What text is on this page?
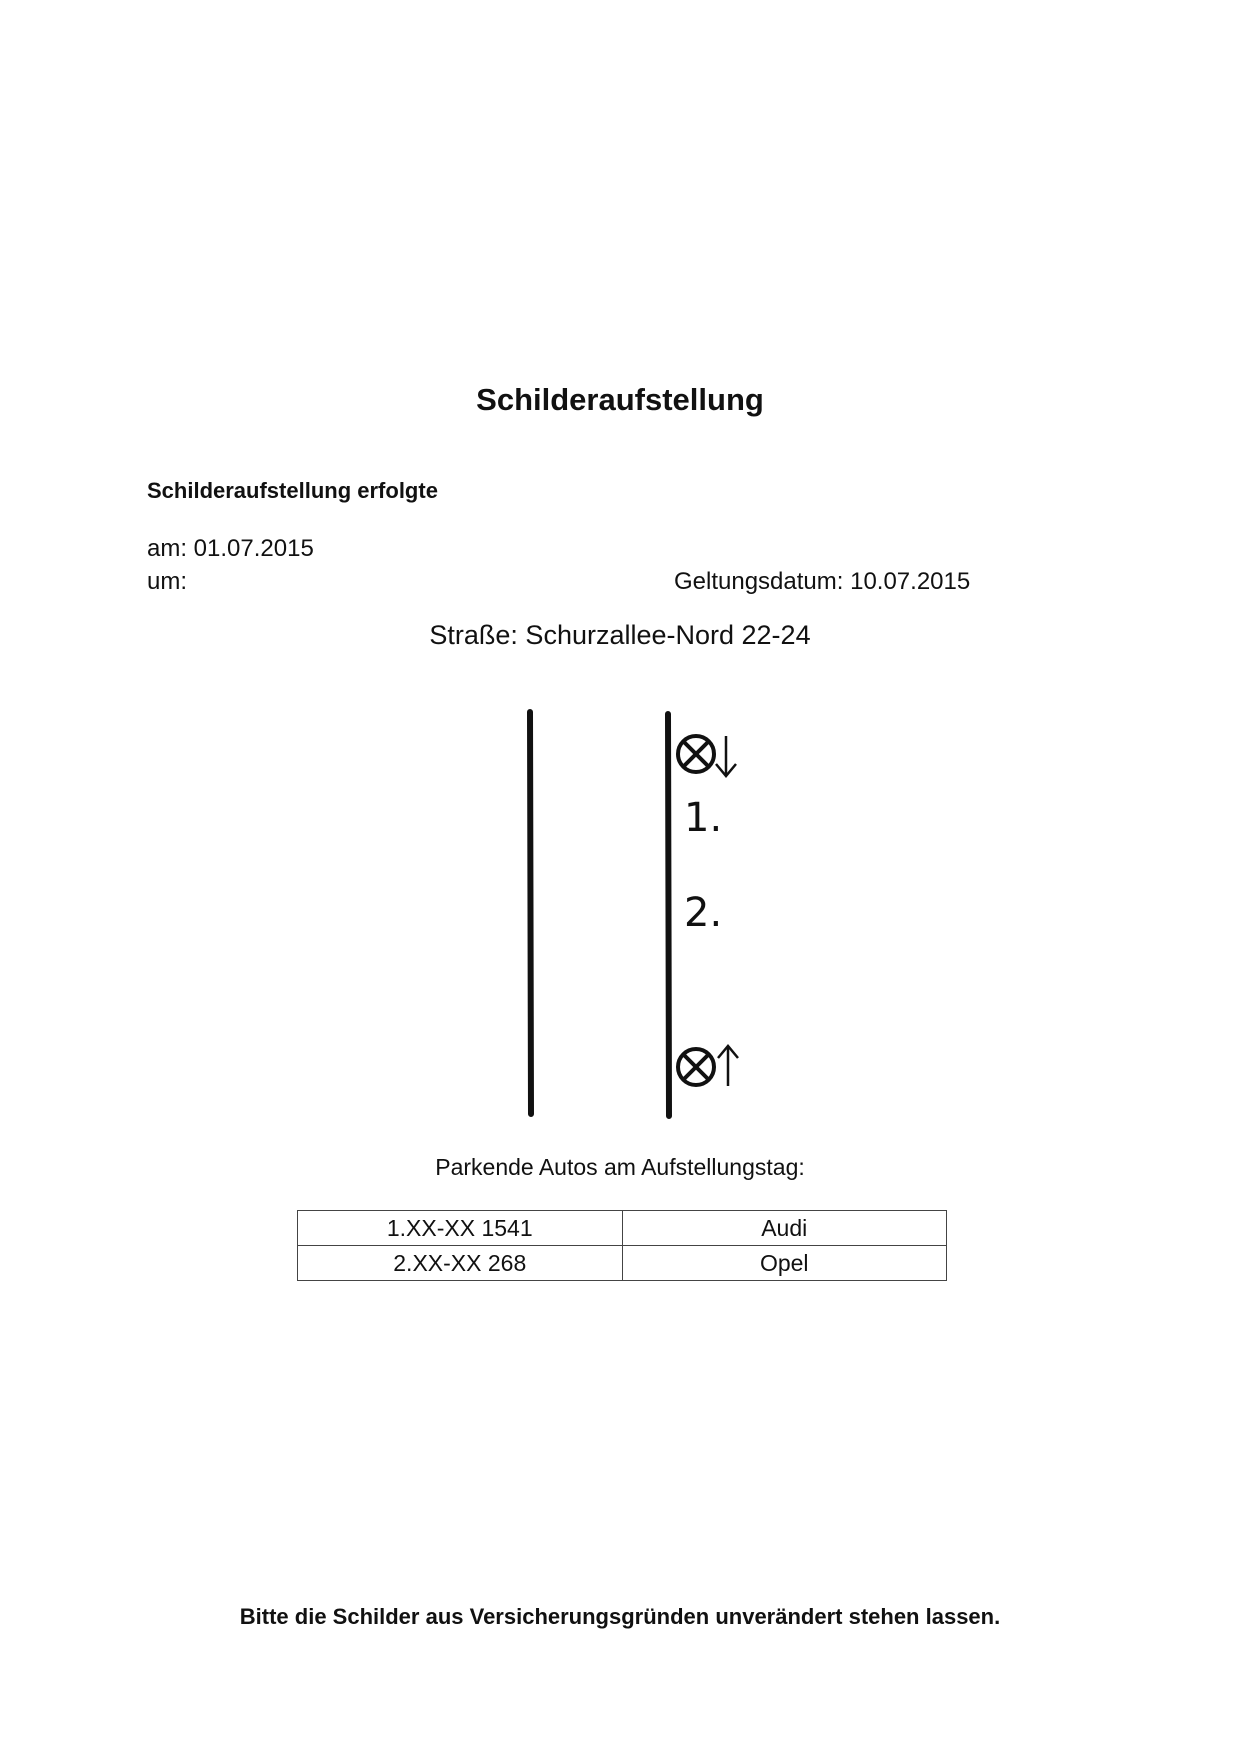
Schilderaufstellung
Schilderaufstellung erfolgte
am: 01.07.2015
um:	Geltungsdatum: 10.07.2015
Straße: Schurzallee-Nord 22-24
1.
2.
Parkende Autos am Aufstellungstag:
1.XX-XX 1541	Audi
2.XX-XX 268	Opel
Bitte die Schilder aus Versicherungsgründen unverändert stehen lassen.
